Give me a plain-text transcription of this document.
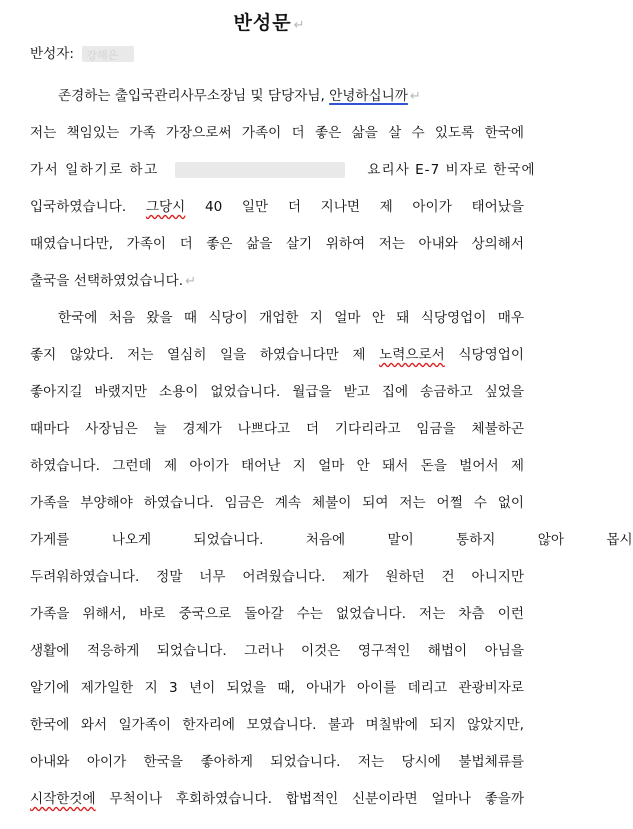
반성문 ↵
반성자: 강해은
존경하는 출입국관리사무소장님 및 담당자님, 안녕하십니까 ↵
저는 책임있는 가족 가장으로써 가족이 더 좋은 삶을 살 수 있도록 한국에
가서 일하기로 하고	요리사 E-7 비자로 한국에
입국하였습니다. 그당시 40 일만 더 지나면 제 아이가 태어났을
때였습니다만, 가족이 더 좋은 삶을 살기 위하여 저는 아내와 상의해서
출국을 선택하였었습니다. ↵
한국에 처음 왔을 때 식당이 개업한 지 얼마 안 돼 식당영업이 매우
좋지 않았다. 저는 열심히 일을 하였습니다만 제 노력으로서 식당영업이
좋아지길 바랬지만 소용이 없었습니다. 월급을 받고 집에 송금하고 싶었을
때마다 사장님은 늘 경제가 나쁘다고 더 기다리라고 임금을 체불하곤
하였습니다. 그런데 제 아이가 태어난 지 얼마 안 돼서 돈을 벌어서 제
가족을 부양해야 하였습니다. 임금은 계속 체불이 되여 저는 어쩔 수 없이
가게를 나오게 되었습니다. 처음에 말이 통하지 않아 몹시
두려워하였습니다. 정말 너무 어려웠습니다. 제가 원하던 건 아니지만
가족을 위해서, 바로 중국으로 돌아갈 수는 없었습니다. 저는 차츰 이런
생활에 적응하게 되었습니다. 그러나 이것은 영구적인 해법이 아님을
알기에 제가일한 지 3 년이 되었을 때, 아내가 아이를 데리고 관광비자로
한국에 와서 일가족이 한자리에 모였습니다. 불과 며칠밖에 되지 않았지만,
아내와 아이가 한국을 좋아하게 되었습니다. 저는 당시에 불법체류를
시작한것에 무척이나 후회하였습니다. 합법적인 신분이라면 얼마나 좋을까
